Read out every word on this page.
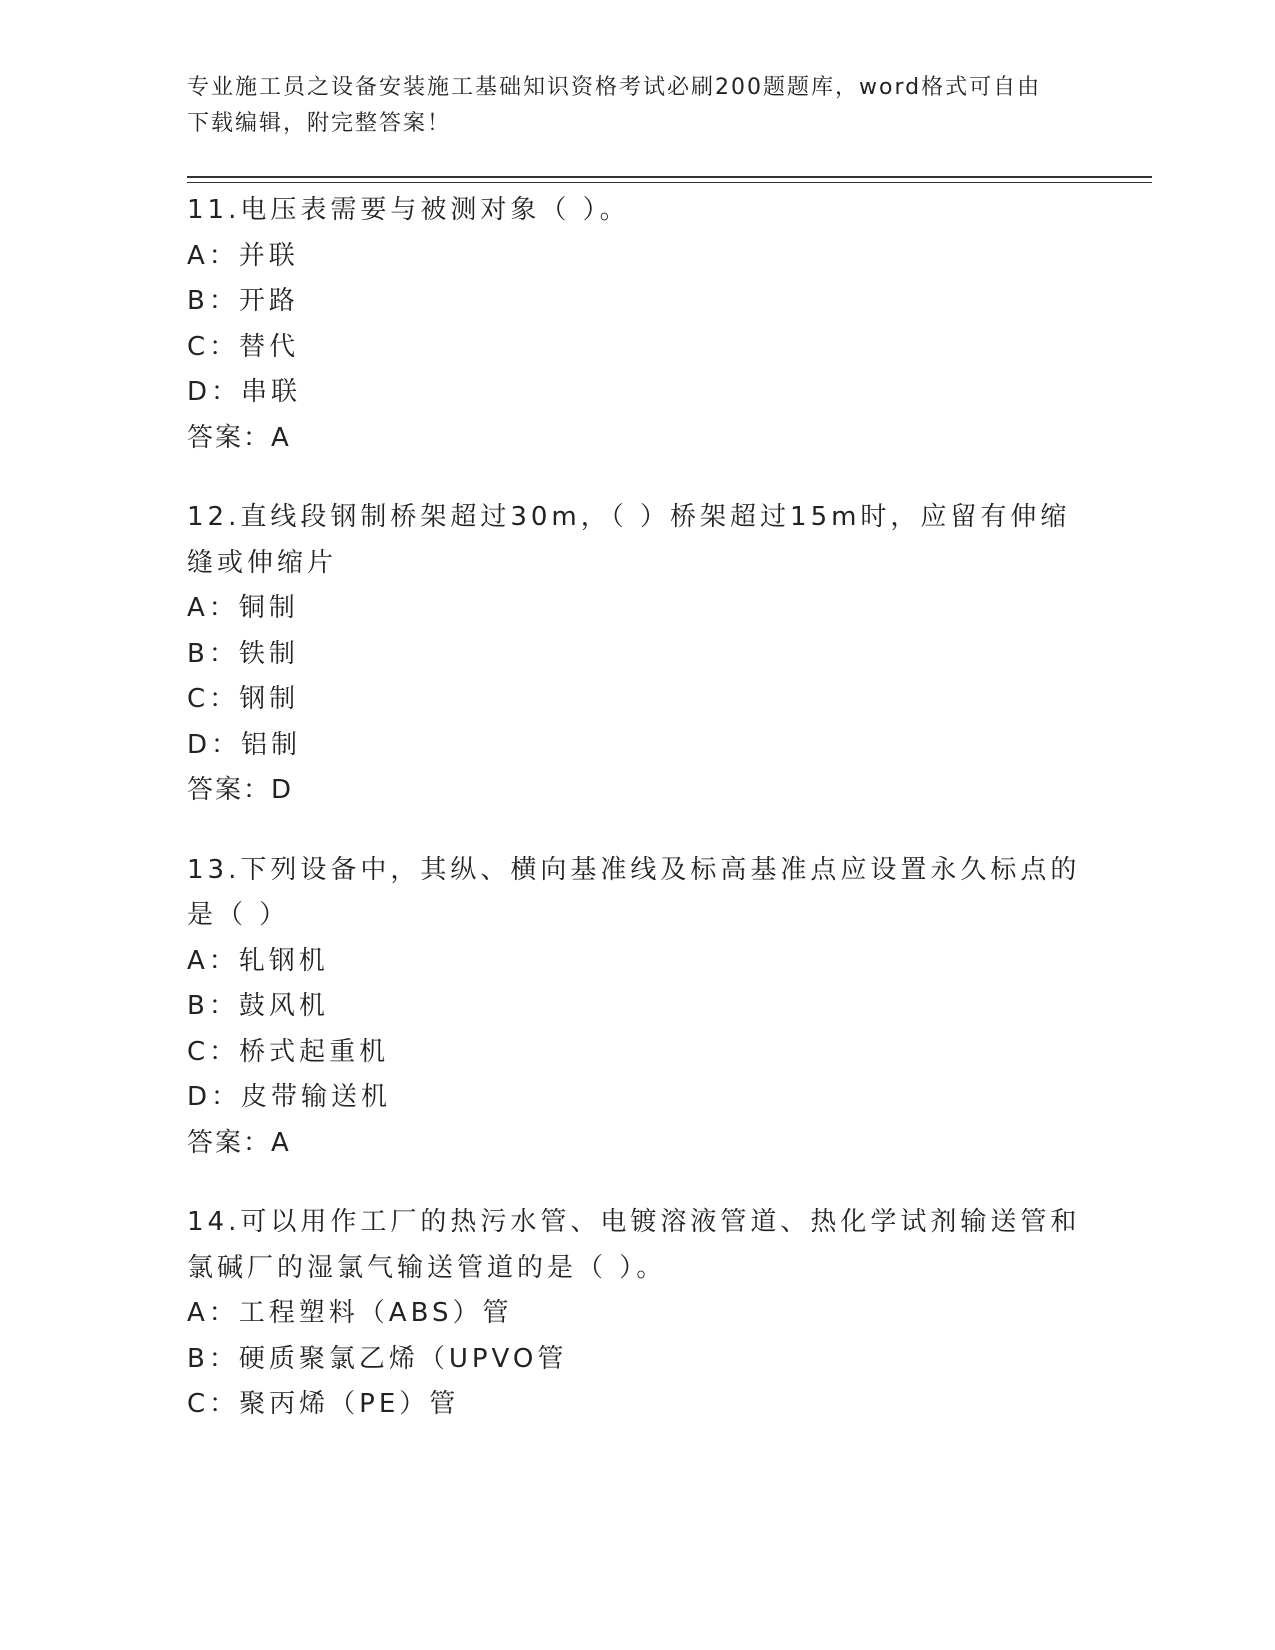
专业施工员之设备安装施工基础知识资格考试必刷200题题库，word格式可自由
下载编辑，附完整答案！

11.电压表需要与被测对象（ ）。

A：并联

B：开路

C：替代

D：串联

答案：A

12.直线段钢制桥架超过30m，（ ）桥架超过15m时，应留有伸缩缝或伸缩片

A：铜制

B：铁制

C：钢制

D：铝制

答案：D

13.下列设备中，其纵、横向基准线及标高基准点应设置永久标点的是（ ）

A：轧钢机

B：鼓风机

C：桥式起重机

D：皮带输送机

答案：A

14.可以用作工厂的热污水管、电镀溶液管道、热化学试剂输送管和氯碱厂的湿氯气输送管道的是（ ）。

A：工程塑料（ABS）管

B：硬质聚氯乙烯（UPVO管

C：聚丙烯（PE）管
